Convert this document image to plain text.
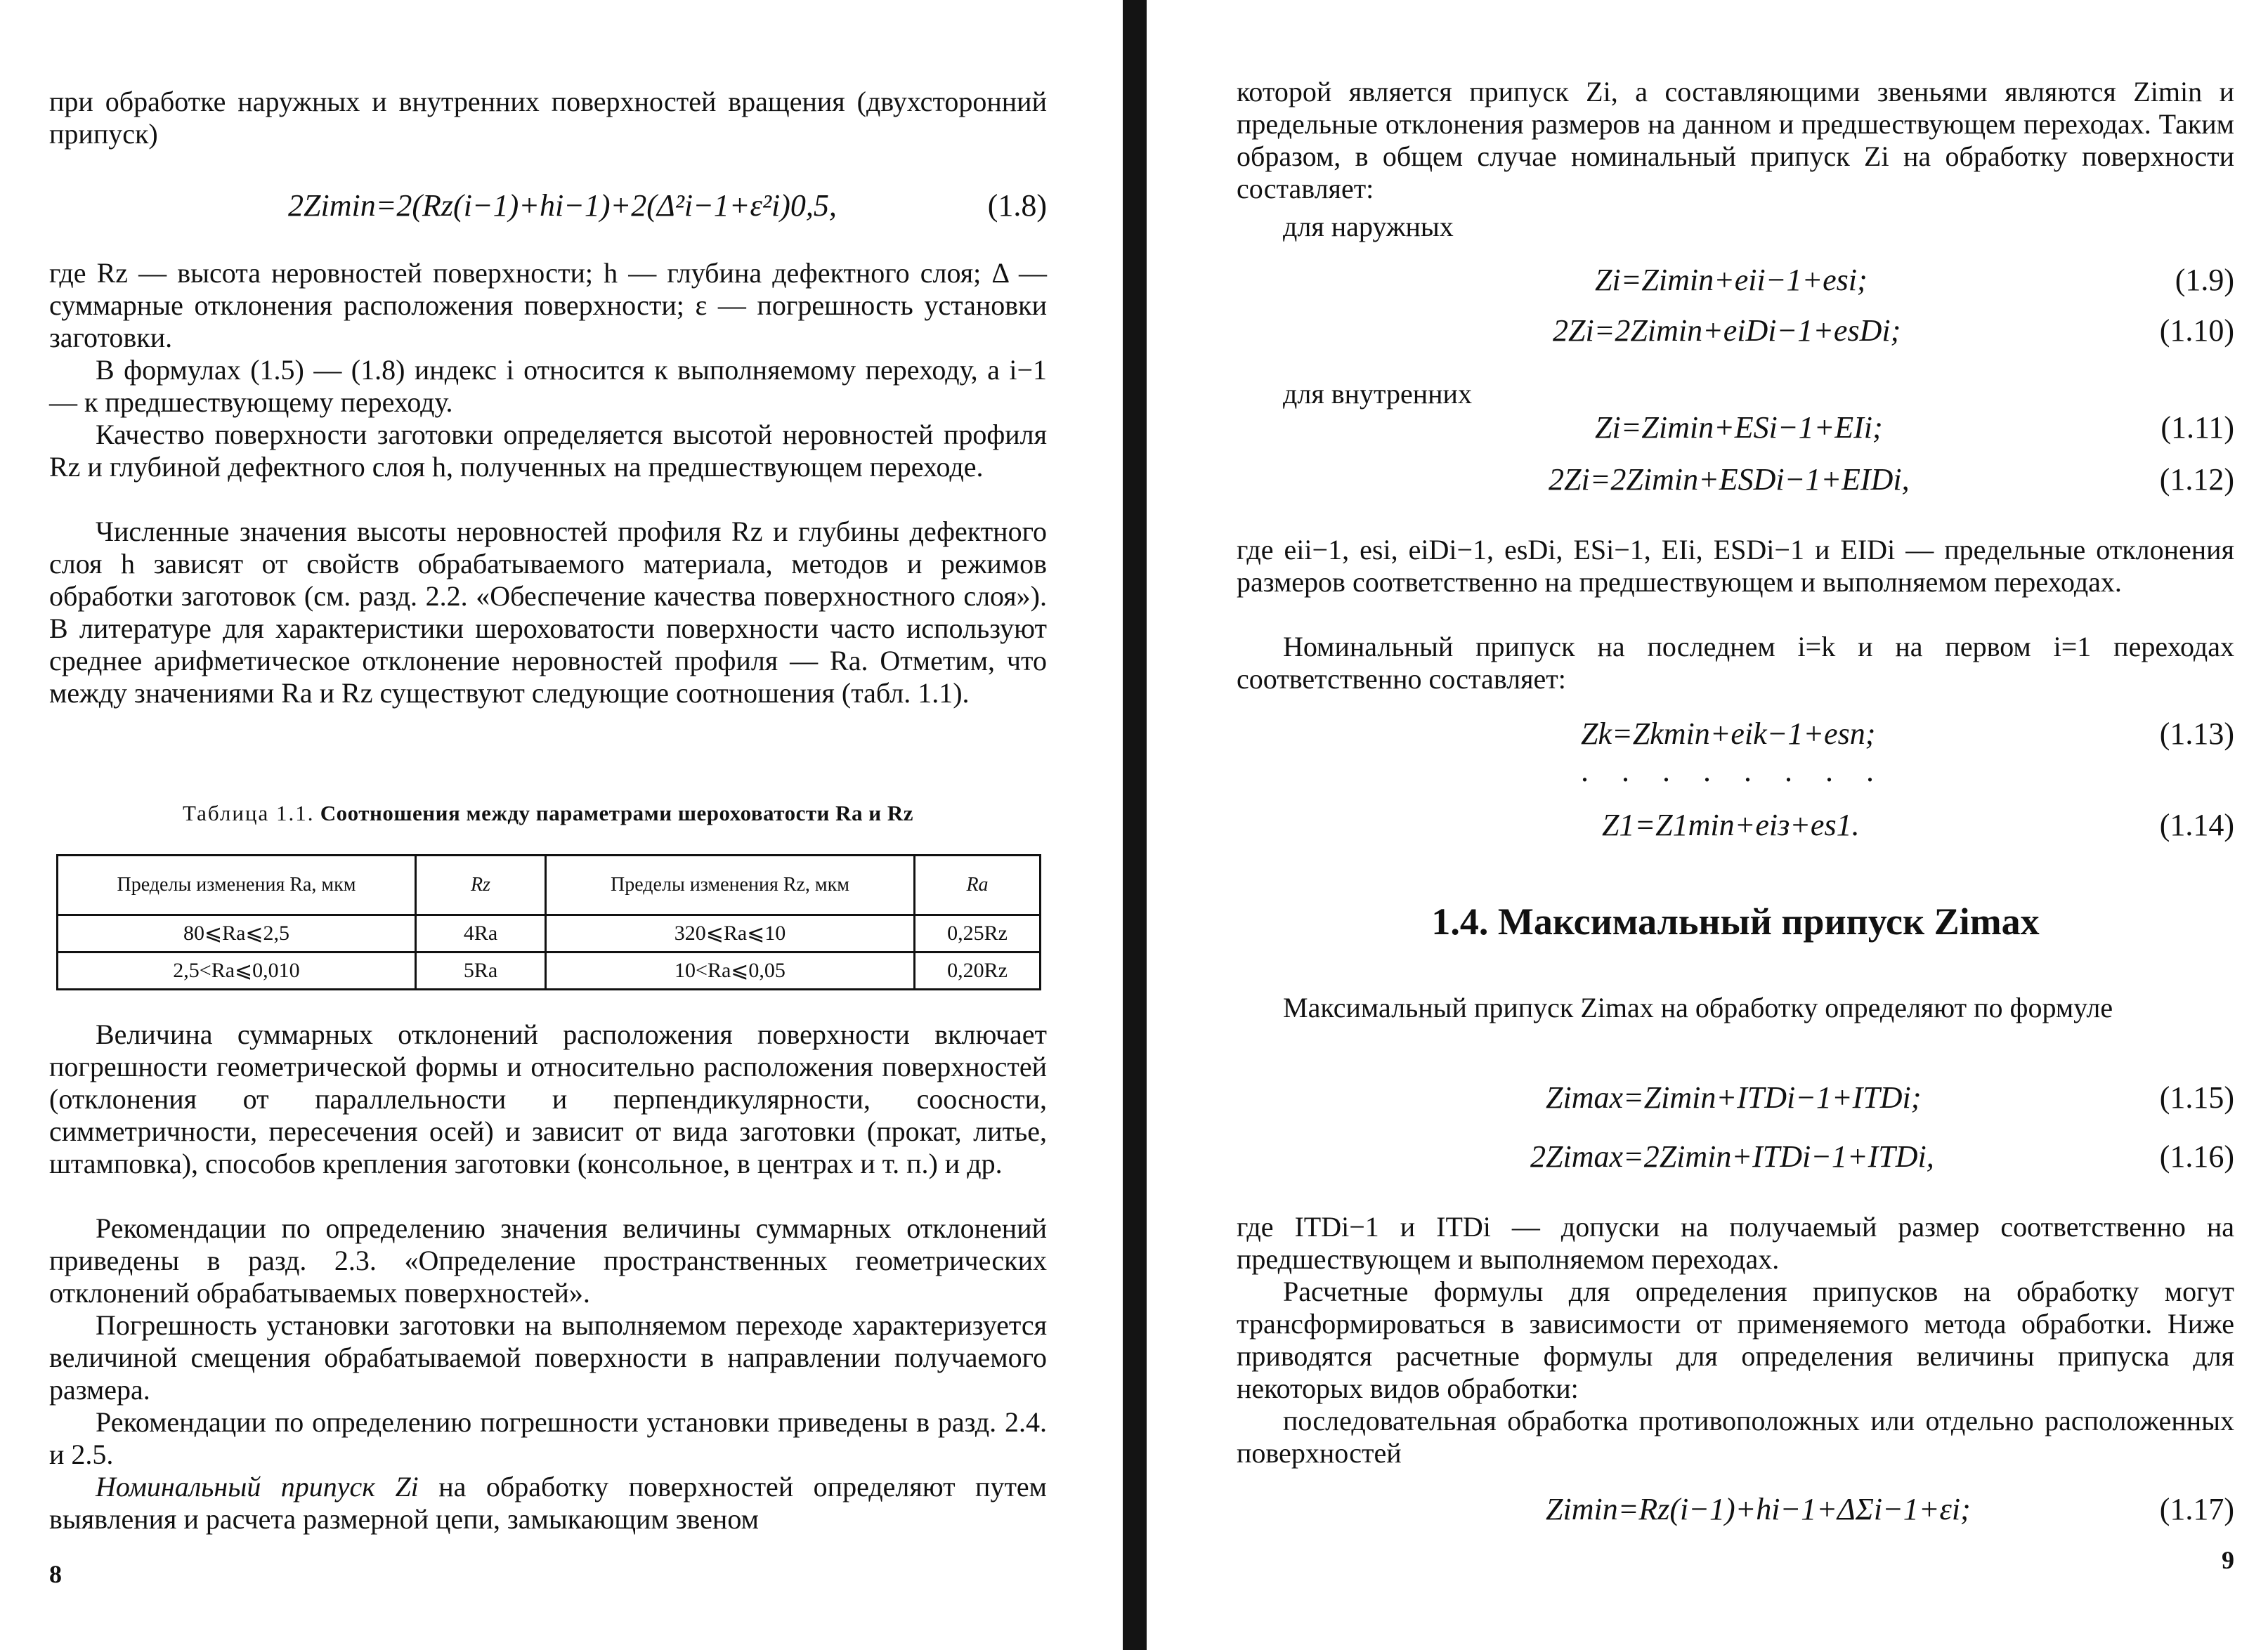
при обработке наружных и внутренних поверхностей вращения (двухсторонний припуск)

2Zimin=2(Rz(i−1)+hi−1)+2(Δ²i−1+ε²i)0,5,	(1.8)

где Rz — высота неровностей поверхности; h — глубина дефектного слоя; Δ — суммарные отклонения расположения поверхности; ε — погрешность установки заготовки.

В формулах (1.5) — (1.8) индекс i относится к выполняемому переходу, а i−1 — к предшествующему переходу.

Качество поверхности заготовки определяется высотой неровностей профиля Rz и глубиной дефектного слоя h, полученных на предшествующем переходе.

Численные значения высоты неровностей профиля Rz и глубины дефектного слоя h зависят от свойств обрабатываемого материала, методов и режимов обработки заготовок (см. разд. 2.2. «Обеспечение качества поверхностного слоя»). В литературе для характеристики шероховатости поверхности часто используют среднее арифметическое отклонение неровностей профиля — Ra. Отметим, что между значениями Ra и Rz существуют следующие соотношения (табл. 1.1).

Таблица 1.1. Соотношения между параметрами шероховатости Ra и Rz
Пределы изменения Ra, мкм	Rz	Пределы изменения Rz, мкм	Ra
80⩽Ra⩽2,5	4Ra	320⩽Ra⩽10	0,25Rz
2,5<Ra⩽0,010	5Ra	10<Ra⩽0,05	0,20Rz

Величина суммарных отклонений расположения поверхности включает погрешности геометрической формы и относительно расположения поверхностей (отклонения от параллельности и перпендикулярности, соосности, симметричности, пересечения осей) и зависит от вида заготовки (прокат, литье, штамповка), способов крепления заготовки (консольное, в центрах и т. п.) и др.

Рекомендации по определению значения величины суммарных отклонений приведены в разд. 2.3. «Определение пространственных геометрических отклонений обрабатываемых поверхностей».

Погрешность установки заготовки на выполняемом переходе характеризуется величиной смещения обрабатываемой поверхности в направлении получаемого размера.

Рекомендации по определению погрешности установки приведены в разд. 2.4. и 2.5.

Номинальный припуск Zi на обработку поверхностей определяют путем выявления и расчета размерной цепи, замыкающим звеном

8

которой является припуск Zi, а составляющими звеньями являются Zimin и предельные отклонения размеров на данном и предшествующем переходах. Таким образом, в общем случае номинальный припуск Zi на обработку поверхности составляет:

для наружных

Zi=Zimin+eii−1+esi;	(1.9)
2Zi=2Zimin+eiDi−1+esDi;	(1.10)

для внутренних

Zi=Zimin+ESi−1+EIi;	(1.11)
2Zi=2Zimin+ESDi−1+EIDi,	(1.12)

где eii−1, esi, eiDi−1, esDi, ESi−1, EIi, ESDi−1 и EIDi — предельные отклонения размеров соответственно на предшествующем и выполняемом переходах.

Номинальный припуск на последнем i=k и на первом i=1 переходах соответственно составляет:

Zk=Zkmin+eik−1+esп;	(1.13)
. . . . . . . .
Z1=Z1min+eiз+es1.	(1.14)
1.4. Максимальный припуск Zimax

Максимальный припуск Zimax на обработку определяют по формуле

Zimax=Zimin+ITDi−1+ITDi;	(1.15)
2Zimax=2Zimin+ITDi−1+ITDi,	(1.16)

где ITDi−1 и ITDi — допуски на получаемый размер соответственно на предшествующем и выполняемом переходах.

Расчетные формулы для определения припусков на обработку могут трансформироваться в зависимости от применяемого метода обработки. Ниже приводятся расчетные формулы для определения величины припуска для некоторых видов обработки:

последовательная обработка противоположных или отдельно расположенных поверхностей

Zimin=Rz(i−1)+hi−1+ΔΣi−1+εi;	(1.17)
9
